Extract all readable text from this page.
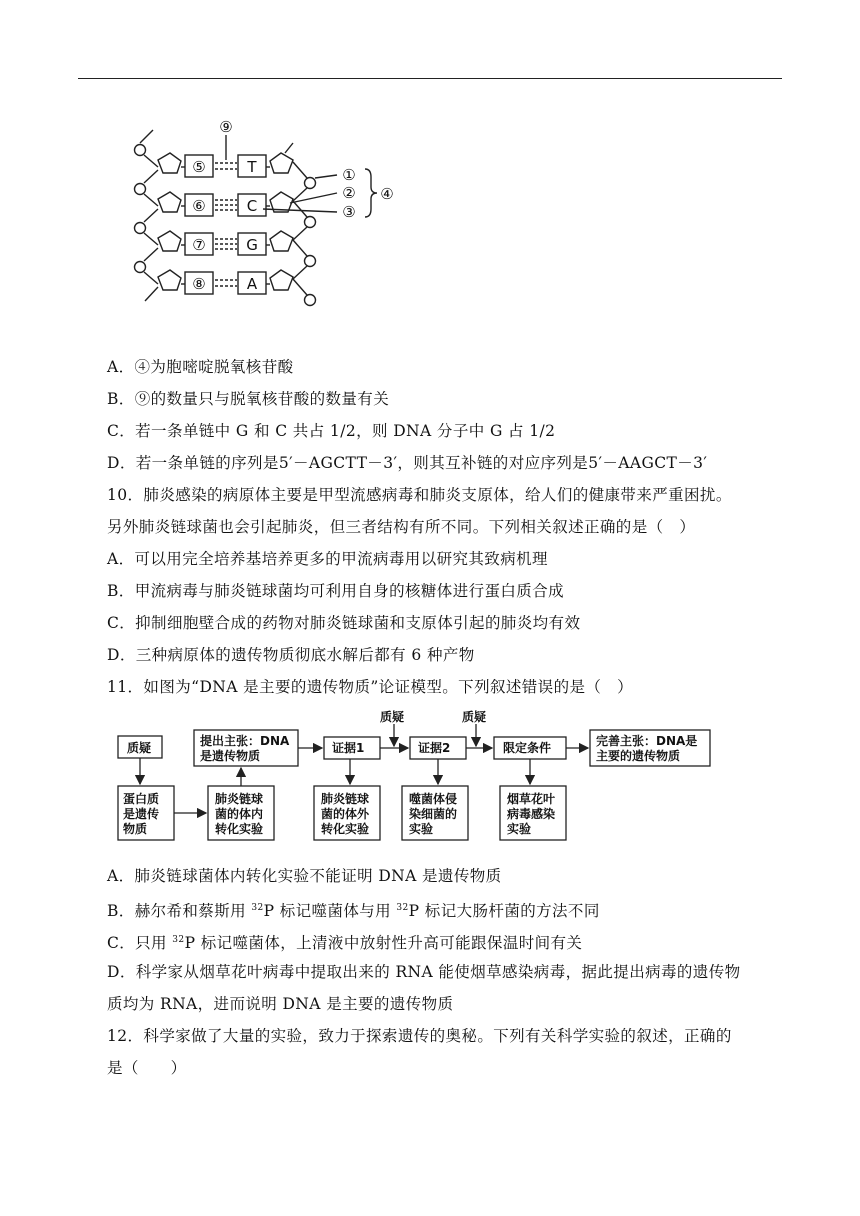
⑨
⑤
⑥
⑦
⑧
T
C
G
A
①
②
③
④
A．④为胞嘧啶脱氧核苷酸
B．⑨的数量只与脱氧核苷酸的数量有关
C．若一条单链中 G 和 C 共占 1/2，则 DNA 分子中 G 占 1/2
D．若一条单链的序列是5′－AGCTT－3′，则其互补链的对应序列是5′－AAGCT－3′
10．肺炎感染的病原体主要是甲型流感病毒和肺炎支原体，给人们的健康带来严重困扰。
另外肺炎链球菌也会引起肺炎，但三者结构有所不同。下列相关叙述正确的是（　）
A．可以用完全培养基培养更多的甲流病毒用以研究其致病机理
B．甲流病毒与肺炎链球菌均可利用自身的核糖体进行蛋白质合成
C．抑制细胞壁合成的药物对肺炎链球菌和支原体引起的肺炎均有效
D．三种病原体的遗传物质彻底水解后都有 6 种产物
11．如图为“DNA 是主要的遗传物质”论证模型。下列叙述错误的是（　）
质疑	提出主张：DNA
是遗传物质
证据1	证据2	限定条件	完善主张：DNA是
主要的遗传物质
质疑	质疑
蛋白质
是遗传
物质
肺炎链球
菌的体内
转化实验
肺炎链球
菌的体外
转化实验
噬菌体侵
染细菌的
实验
烟草花叶
病毒感染
实验
A．肺炎链球菌体内转化实验不能证明 DNA 是遗传物质
B．赫尔希和蔡斯用 $^{32}$P 标记噬菌体与用 $^{32}$P 标记大肠杆菌的方法不同
C．只用 $^{32}$P 标记噬菌体，上清液中放射性升高可能跟保温时间有关
D．科学家从烟草花叶病毒中提取出来的 RNA 能使烟草感染病毒，据此提出病毒的遗传物
质均为 RNA，进而说明 DNA 是主要的遗传物质
12．科学家做了大量的实验，致力于探索遗传的奥秘。下列有关科学实验的叙述，正确的
是（　　）
